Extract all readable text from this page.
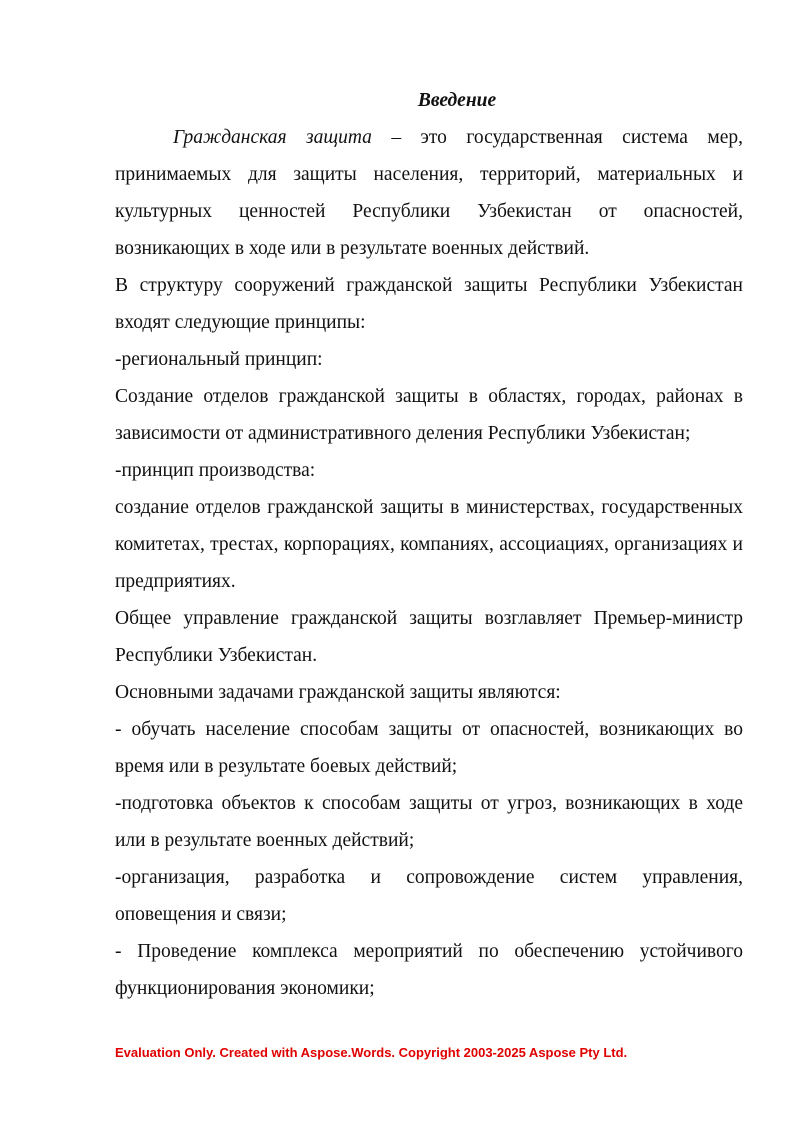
Введение

Гражданская защита – это государственная система мер, принимаемых для защиты населения, территорий, материальных и культурных ценностей Республики Узбекистан от опасностей, возникающих в ходе или в результате военных действий.

В структуру сооружений гражданской защиты Республики Узбекистан входят следующие принципы:

-региональный принцип:

Создание отделов гражданской защиты в областях, городах, районах в зависимости от административного деления Республики Узбекистан;

-принцип производства:

создание отделов гражданской защиты в министерствах, государственных комитетах, трестах, корпорациях, компаниях, ассоциациях, организациях и предприятиях.

Общее управление гражданской защиты возглавляет Премьер-министр Республики Узбекистан.

Основными задачами гражданской защиты являются:

- обучать население способам защиты от опасностей, возникающих во время или в результате боевых действий;

-подготовка объектов к способам защиты от угроз, возникающих в ходе или в результате военных действий;

-организация, разработка и сопровождение систем управления, оповещения и связи;

- Проведение комплекса мероприятий по обеспечению устойчивого функционирования экономики;

Evaluation Only. Created with Aspose.Words. Copyright 2003-2025 Aspose Pty Ltd.
